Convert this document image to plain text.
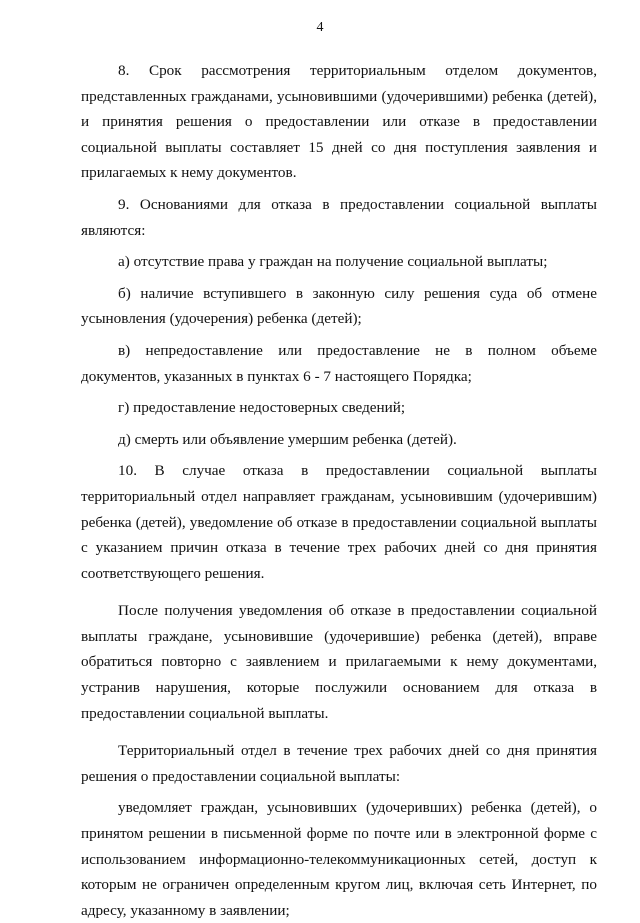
4

8. Срок рассмотрения территориальным отделом документов, представленных гражданами, усыновившими (удочерившими) ребенка (детей), и принятия решения о предоставлении или отказе в предоставлении социальной выплаты составляет 15 дней со дня поступления заявления и прилагаемых к нему документов.

9. Основаниями для отказа в предоставлении социальной выплаты являются:

а) отсутствие права у граждан на получение социальной выплаты;

б) наличие вступившего в законную силу решения суда об отмене усыновления (удочерения) ребенка (детей);

в) непредоставление или предоставление не в полном объеме документов, указанных в пунктах 6 - 7 настоящего Порядка;

г) предоставление недостоверных сведений;

д) смерть или объявление умершим ребенка (детей).

10. В случае отказа в предоставлении социальной выплаты территориальный отдел направляет гражданам, усыновившим (удочерившим) ребенка (детей), уведомление об отказе в предоставлении социальной выплаты с указанием причин отказа в течение трех рабочих дней со дня принятия соответствующего решения.

После получения уведомления об отказе в предоставлении социальной выплаты граждане, усыновившие (удочерившие) ребенка (детей), вправе обратиться повторно с заявлением и прилагаемыми к нему документами, устранив нарушения, которые послужили основанием для отказа в предоставлении социальной выплаты.

Территориальный отдел в течение трех рабочих дней со дня принятия решения о предоставлении социальной выплаты:

уведомляет граждан, усыновивших (удочеривших) ребенка (детей), о принятом решении в письменной форме по почте или в электронной форме с использованием информационно-телекоммуникационных сетей, доступ к которым не ограничен определенным кругом лиц, включая сеть Интернет, по адресу, указанному в заявлении;
